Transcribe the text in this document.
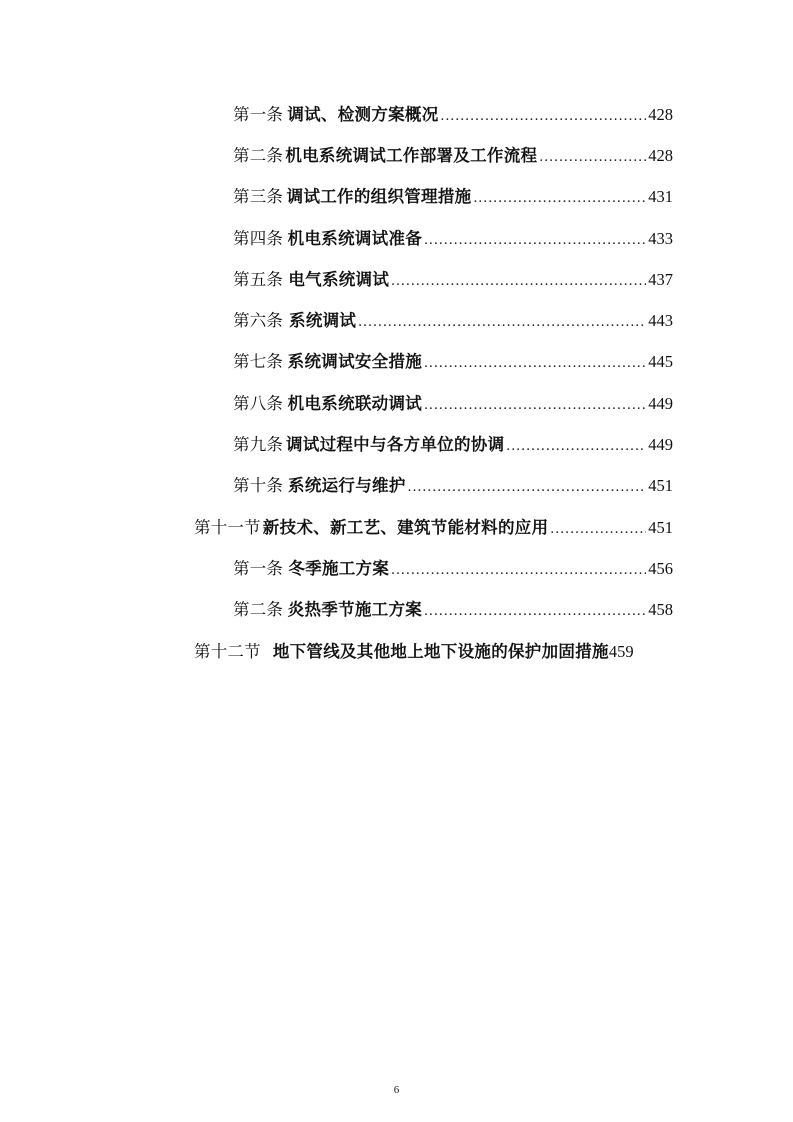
第一条 调试、检测方案概况 .....	428
第二条 机电系统调试工作部署及工作流程 .....	428
第三条 调试工作的组织管理措施 .....	431
第四条 机电系统调试准备 .....	433
第五条 电气系统调试 .....	437
第六条 系统调试 .....	443
第七条 系统调试安全措施 .....	445
第八条 机电系统联动调试 .....	449
第九条 调试过程中与各方单位的协调 .....	449
第十条 系统运行与维护 .....	451
第十一节 新技术、新工艺、建筑节能材料的应用 .....	451
第一条 冬季施工方案 .....	456
第二条 炎热季节施工方案 .....	458
第十二节 地下管线及其他地上地下设施的保护加固措施 459
6
